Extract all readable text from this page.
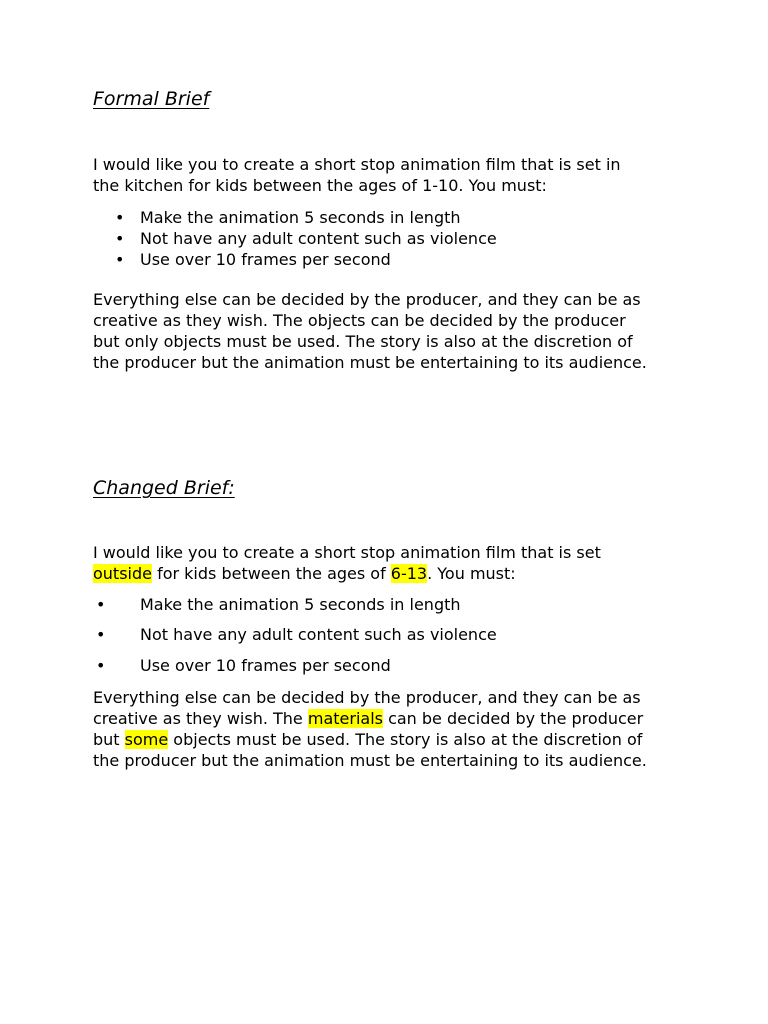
Formal Brief

I would like you to create a short stop animation film that is set in
the kitchen for kids between the ages of 1-10. You must:

• Make the animation 5 seconds in length
• Not have any adult content such as violence
• Use over 10 frames per second

Everything else can be decided by the producer, and they can be as
creative as they wish. The objects can be decided by the producer
but only objects must be used. The story is also at the discretion of
the producer but the animation must be entertaining to its audience.

Changed Brief:

I would like you to create a short stop animation film that is set
outside for kids between the ages of 6-13. You must:

• Make the animation 5 seconds in length
• Not have any adult content such as violence
• Use over 10 frames per second

Everything else can be decided by the producer, and they can be as
creative as they wish. The materials can be decided by the producer
but some objects must be used. The story is also at the discretion of
the producer but the animation must be entertaining to its audience.
